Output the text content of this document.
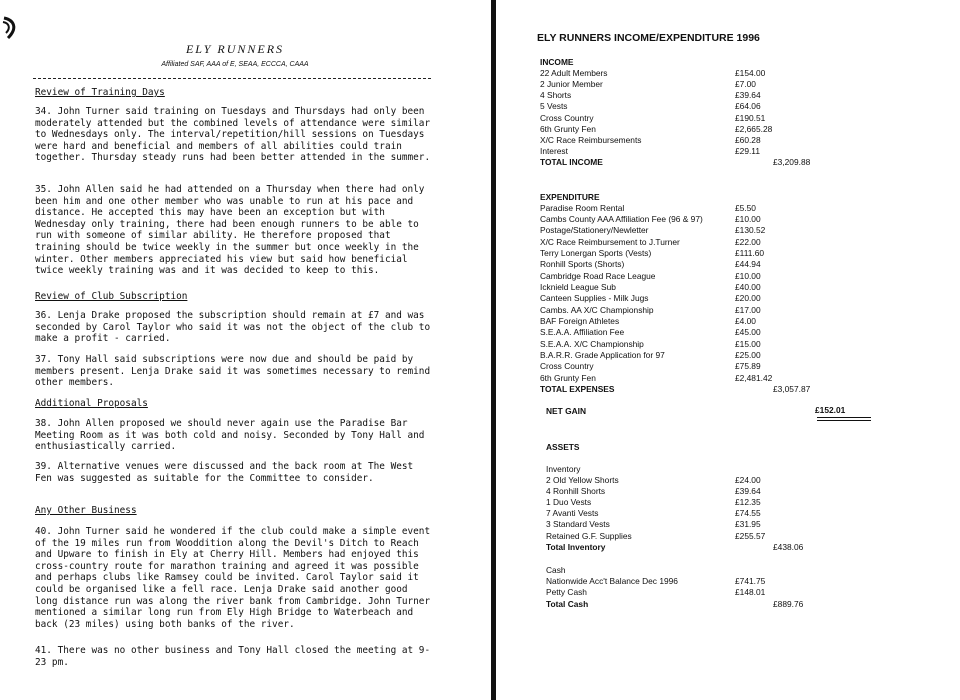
ELY RUNNERS
Affiliated SAF, AAA of E, SEAA, ECCCA, CAAA
Review of Training Days

34. John Turner said training on Tuesdays and Thursdays had only been moderately attended but the combined levels of attendance were similar to Wednesdays only. The interval/repetition/hill sessions on Tuesdays were hard and beneficial and members of all abilities could train together. Thursday steady runs had been better attended in the summer.

35. John Allen said he had attended on a Thursday when there had only been him and one other member who was unable to run at his pace and distance. He accepted this may have been an exception but with Wednesday only training, there had been enough runners to be able to run with someone of similar ability. He therefore proposed that training should be twice weekly in the summer but once weekly in the winter. Other members appreciated his view but said how beneficial twice weekly training was and it was decided to keep to this.

Review of Club Subscription

36. Lenja Drake proposed the subscription should remain at £7 and was seconded by Carol Taylor who said it was not the object of the club to make a profit - carried.

37. Tony Hall said subscriptions were now due and should be paid by members present. Lenja Drake said it was sometimes necessary to remind other members.

Additional Proposals

38. John Allen proposed we should never again use the Paradise Bar Meeting Room as it was both cold and noisy. Seconded by Tony Hall and enthusiastically carried.

39. Alternative venues were discussed and the back room at The West Fen was suggested as suitable for the Committee to consider.

Any Other Business

40. John Turner said he wondered if the club could make a simple event of the 19 miles run from Wooddition along the Devil's Ditch to Reach and Upware to finish in Ely at Cherry Hill. Members had enjoyed this cross-country route for marathon training and agreed it was possible and perhaps clubs like Ramsey could be invited. Carol Taylor said it could be organised like a fell race. Lenja Drake said another good long distance run was along the river bank from Cambridge. John Turner mentioned a similar long run from Ely High Bridge to Waterbeach and back (23 miles) using both banks of the river.

41. There was no other business and Tony Hall closed the meeting at 9-23 pm.

ELY RUNNERS INCOME/EXPENDITURE 1996
INCOME
22 Adult Members	£154.00
2 Junior Member	£7.00
4 Shorts	£39.64
5 Vests	£64.06
Cross Country	£190.51
6th Grunty Fen	£2,665.28
X/C Race Reimbursements	£60.28
Interest	£29.11
TOTAL INCOME	£3,209.88
EXPENDITURE
Paradise Room Rental	£5.50
Cambs County AAA Affiliation Fee (96 & 97)	£10.00
Postage/Stationery/Newletter	£130.52
X/C Race Reimbursement to J.Turner	£22.00
Terry Lonergan Sports (Vests)	£111.60
Ronhill Sports (Shorts)	£44.94
Cambridge Road Race League	£10.00
Icknield League Sub	£40.00
Canteen Supplies - Milk Jugs	£20.00
Cambs. AA X/C Championship	£17.00
BAF Foreign Athletes	£4.00
S.E.A.A. Affiliation Fee	£45.00
S.E.A.A. X/C Championship	£15.00
B.A.R.R. Grade Application for 97	£25.00
Cross Country	£75.89
6th Grunty Fen	£2,481.42
TOTAL EXPENSES	£3,057.87
NET GAIN	£152.01
ASSETS
Inventory
2 Old Yellow Shorts	£24.00
4 Ronhill Shorts	£39.64
1 Duo Vests	£12.35
7 Avanti Vests	£74.55
3 Standard Vests	£31.95
Retained G.F. Supplies	£255.57
Total Inventory	£438.06
Cash
Nationwide Acc't Balance Dec 1996	£741.75
Petty Cash	£148.01
Total Cash	£889.76
